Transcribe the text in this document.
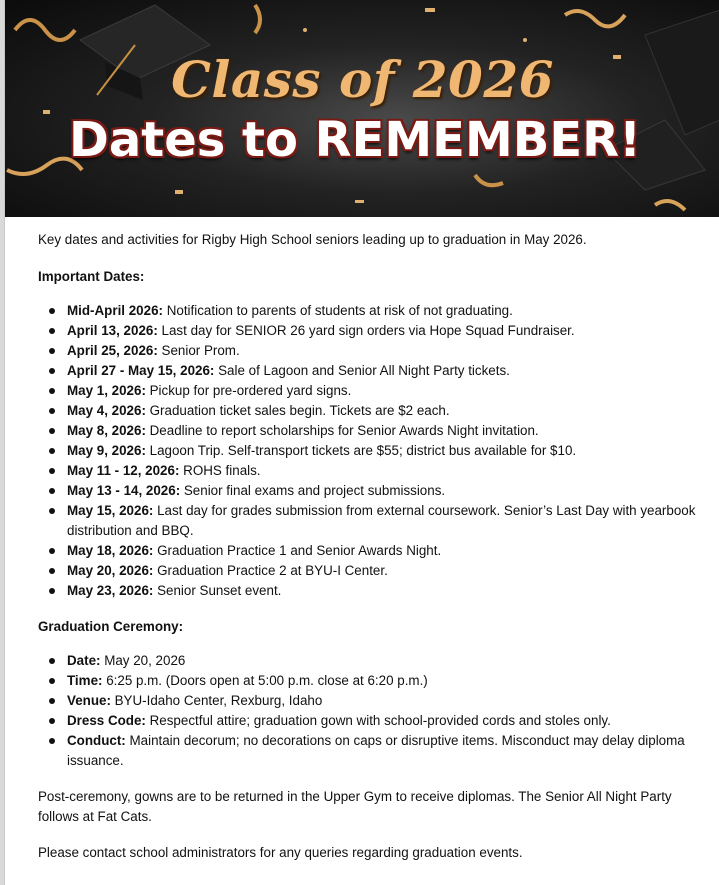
Class of 2026
Dates to REMEMBER!

Key dates and activities for Rigby High School seniors leading up to graduation in May 2026.

Important Dates:

Mid-April 2026: Notification to parents of students at risk of not graduating.
April 13, 2026: Last day for SENIOR 26 yard sign orders via Hope Squad Fundraiser.
April 25, 2026: Senior Prom.
April 27 - May 15, 2026: Sale of Lagoon and Senior All Night Party tickets.
May 1, 2026: Pickup for pre-ordered yard signs.
May 4, 2026: Graduation ticket sales begin. Tickets are $2 each.
May 8, 2026: Deadline to report scholarships for Senior Awards Night invitation.
May 9, 2026: Lagoon Trip. Self-transport tickets are $55; district bus available for $10.
May 11 - 12, 2026: ROHS finals.
May 13 - 14, 2026: Senior final exams and project submissions.
May 15, 2026: Last day for grades submission from external coursework. Senior’s Last Day with yearbook distribution and BBQ.
May 18, 2026: Graduation Practice 1 and Senior Awards Night.
May 20, 2026: Graduation Practice 2 at BYU-I Center.
May 23, 2026: Senior Sunset event.

Graduation Ceremony:

Date: May 20, 2026
Time: 6:25 p.m. (Doors open at 5:00 p.m. close at 6:20 p.m.)
Venue: BYU-Idaho Center, Rexburg, Idaho
Dress Code: Respectful attire; graduation gown with school-provided cords and stoles only.
Conduct: Maintain decorum; no decorations on caps or disruptive items. Misconduct may delay diploma issuance.

Post-ceremony, gowns are to be returned in the Upper Gym to receive diplomas. The Senior All Night Party follows at Fat Cats.

Please contact school administrators for any queries regarding graduation events.
